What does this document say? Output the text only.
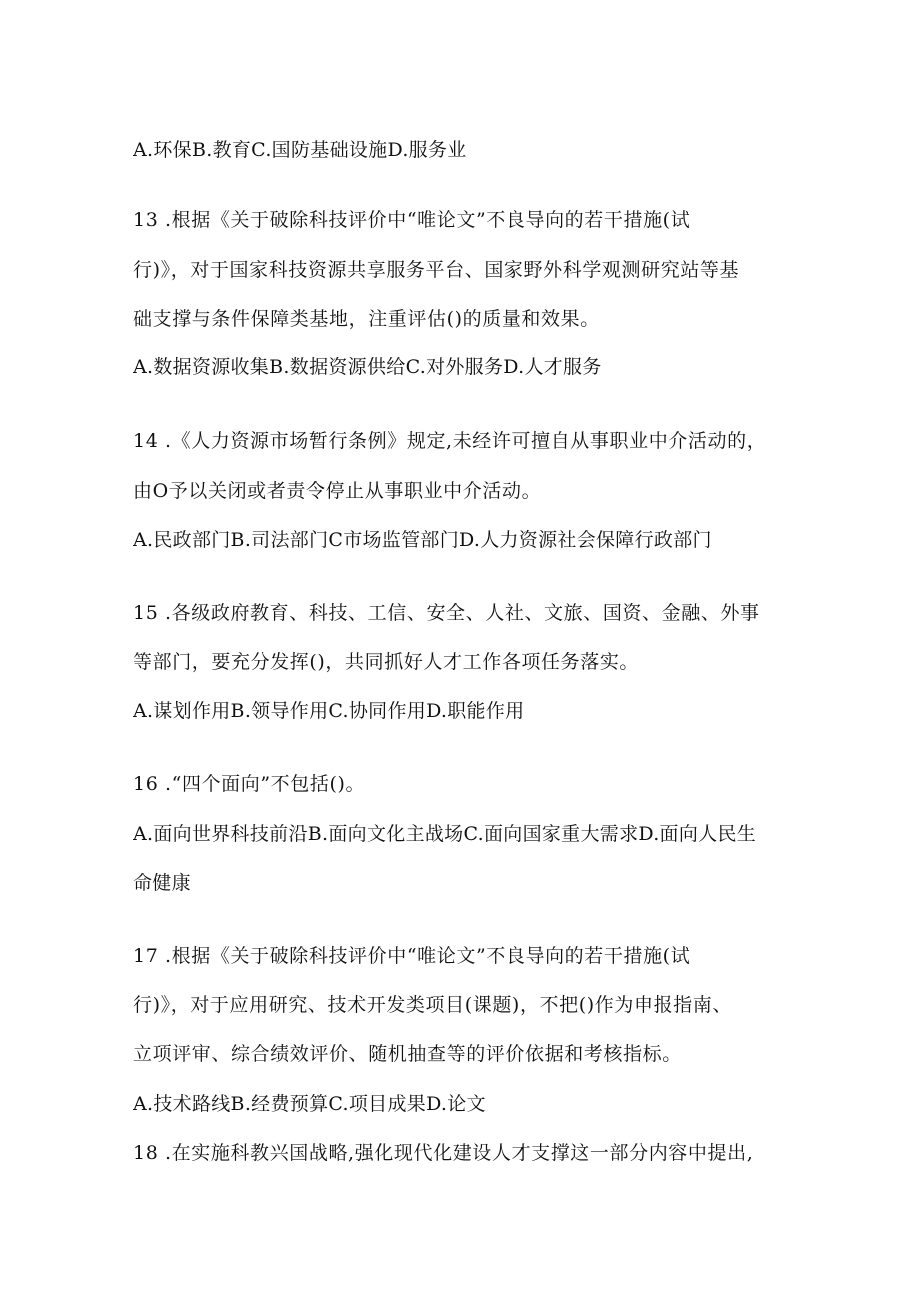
A.环保B.教育C.国防基础设施D.服务业
13 .根据《关于破除科技评价中“唯论文”不良导向的若干措施(试
行)》，对于国家科技资源共享服务平台、国家野外科学观测研究站等基
础支撑与条件保障类基地，注重评估()的质量和效果。
A.数据资源收集B.数据资源供给C.对外服务D.人才服务
14 .《人力资源市场暂行条例》规定,未经许可擅自从事职业中介活动的，
由O予以关闭或者责令停止从事职业中介活动。
A.民政部门B.司法部门C市场监管部门D.人力资源社会保障行政部门
15 .各级政府教育、科技、工信、安全、人社、文旅、国资、金融、外事
等部门，要充分发挥()，共同抓好人才工作各项任务落实。
A.谋划作用B.领导作用C.协同作用D.职能作用
16 .“四个面向”不包括()。
A.面向世界科技前沿B.面向文化主战场C.面向国家重大需求D.面向人民生
命健康
17 .根据《关于破除科技评价中“唯论文”不良导向的若干措施(试
行)》，对于应用研究、技术开发类项目(课题)，不把()作为申报指南、
立项评审、综合绩效评价、随机抽查等的评价依据和考核指标。
A.技术路线B.经费预算C.项目成果D.论文
18 .在实施科教兴国战略,强化现代化建设人才支撑这一部分内容中提出,
